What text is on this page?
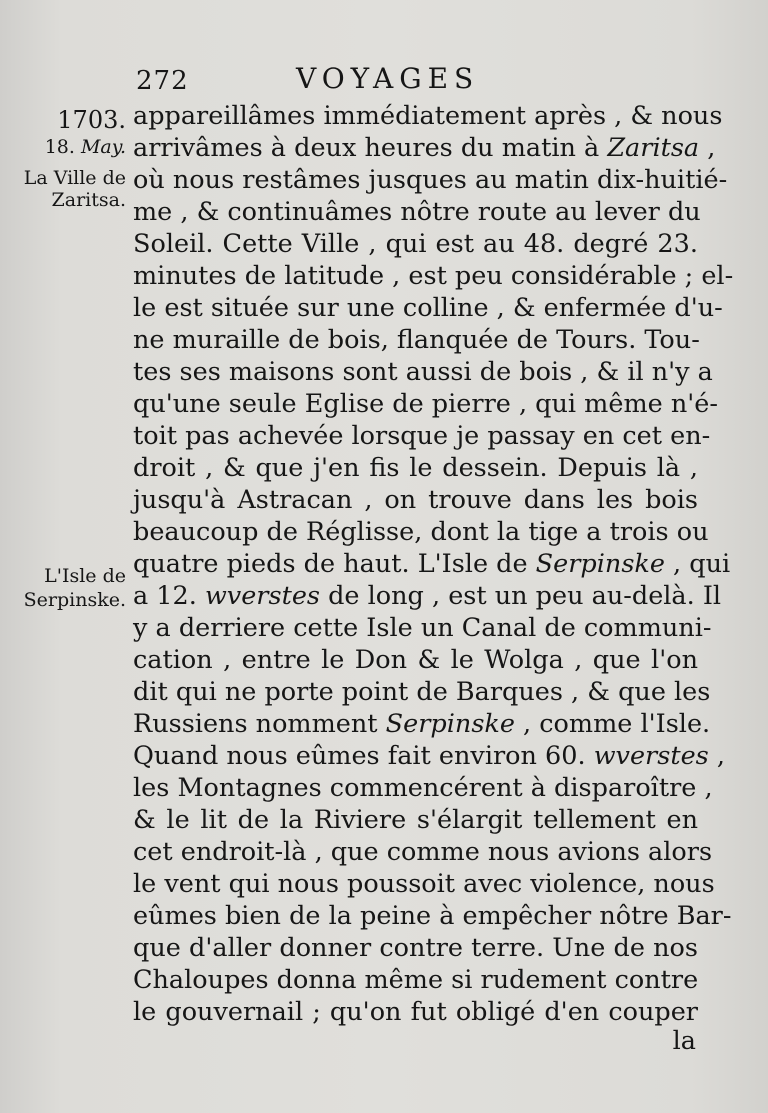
272	VOYAGES
1703.
18. May.
La Ville de
Zaritsa.
L'Isle de
Serpinske.
appareillâmes immédiatement après , & nous
arrivâmes à deux heures du matin à Zaritsa ,
où nous restâmes jusques au matin dix-huitié-
me , & continuâmes nôtre route au lever du
Soleil. Cette Ville , qui est au 48. degré 23.
minutes de latitude , est peu considérable ; el-
le est située sur une colline , & enfermée d'u-
ne muraille de bois, flanquée de Tours. Tou-
tes ses maisons sont aussi de bois , & il n'y a
qu'une seule Eglise de pierre , qui même n'é-
toit pas achevée lorsque je passay en cet en-
droit , & que j'en fis le dessein. Depuis là ,
jusqu'à Astracan , on trouve dans les bois
beaucoup de Réglisse, dont la tige a trois ou
quatre pieds de haut. L'Isle de Serpinske , qui
a 12. wverstes de long , est un peu au-delà. Il
y a derriere cette Isle un Canal de communi-
cation , entre le Don & le Wolga , que l'on
dit qui ne porte point de Barques , & que les
Russiens nomment Serpinske , comme l'Isle.
Quand nous eûmes fait environ 60. wverstes ,
les Montagnes commencérent à disparoître ,
& le lit de la Riviere s'élargit tellement en
cet endroit-là , que comme nous avions alors
le vent qui nous poussoit avec violence, nous
eûmes bien de la peine à empêcher nôtre Bar-
que d'aller donner contre terre. Une de nos
Chaloupes donna même si rudement contre
le gouvernail ; qu'on fut obligé d'en couper
la
